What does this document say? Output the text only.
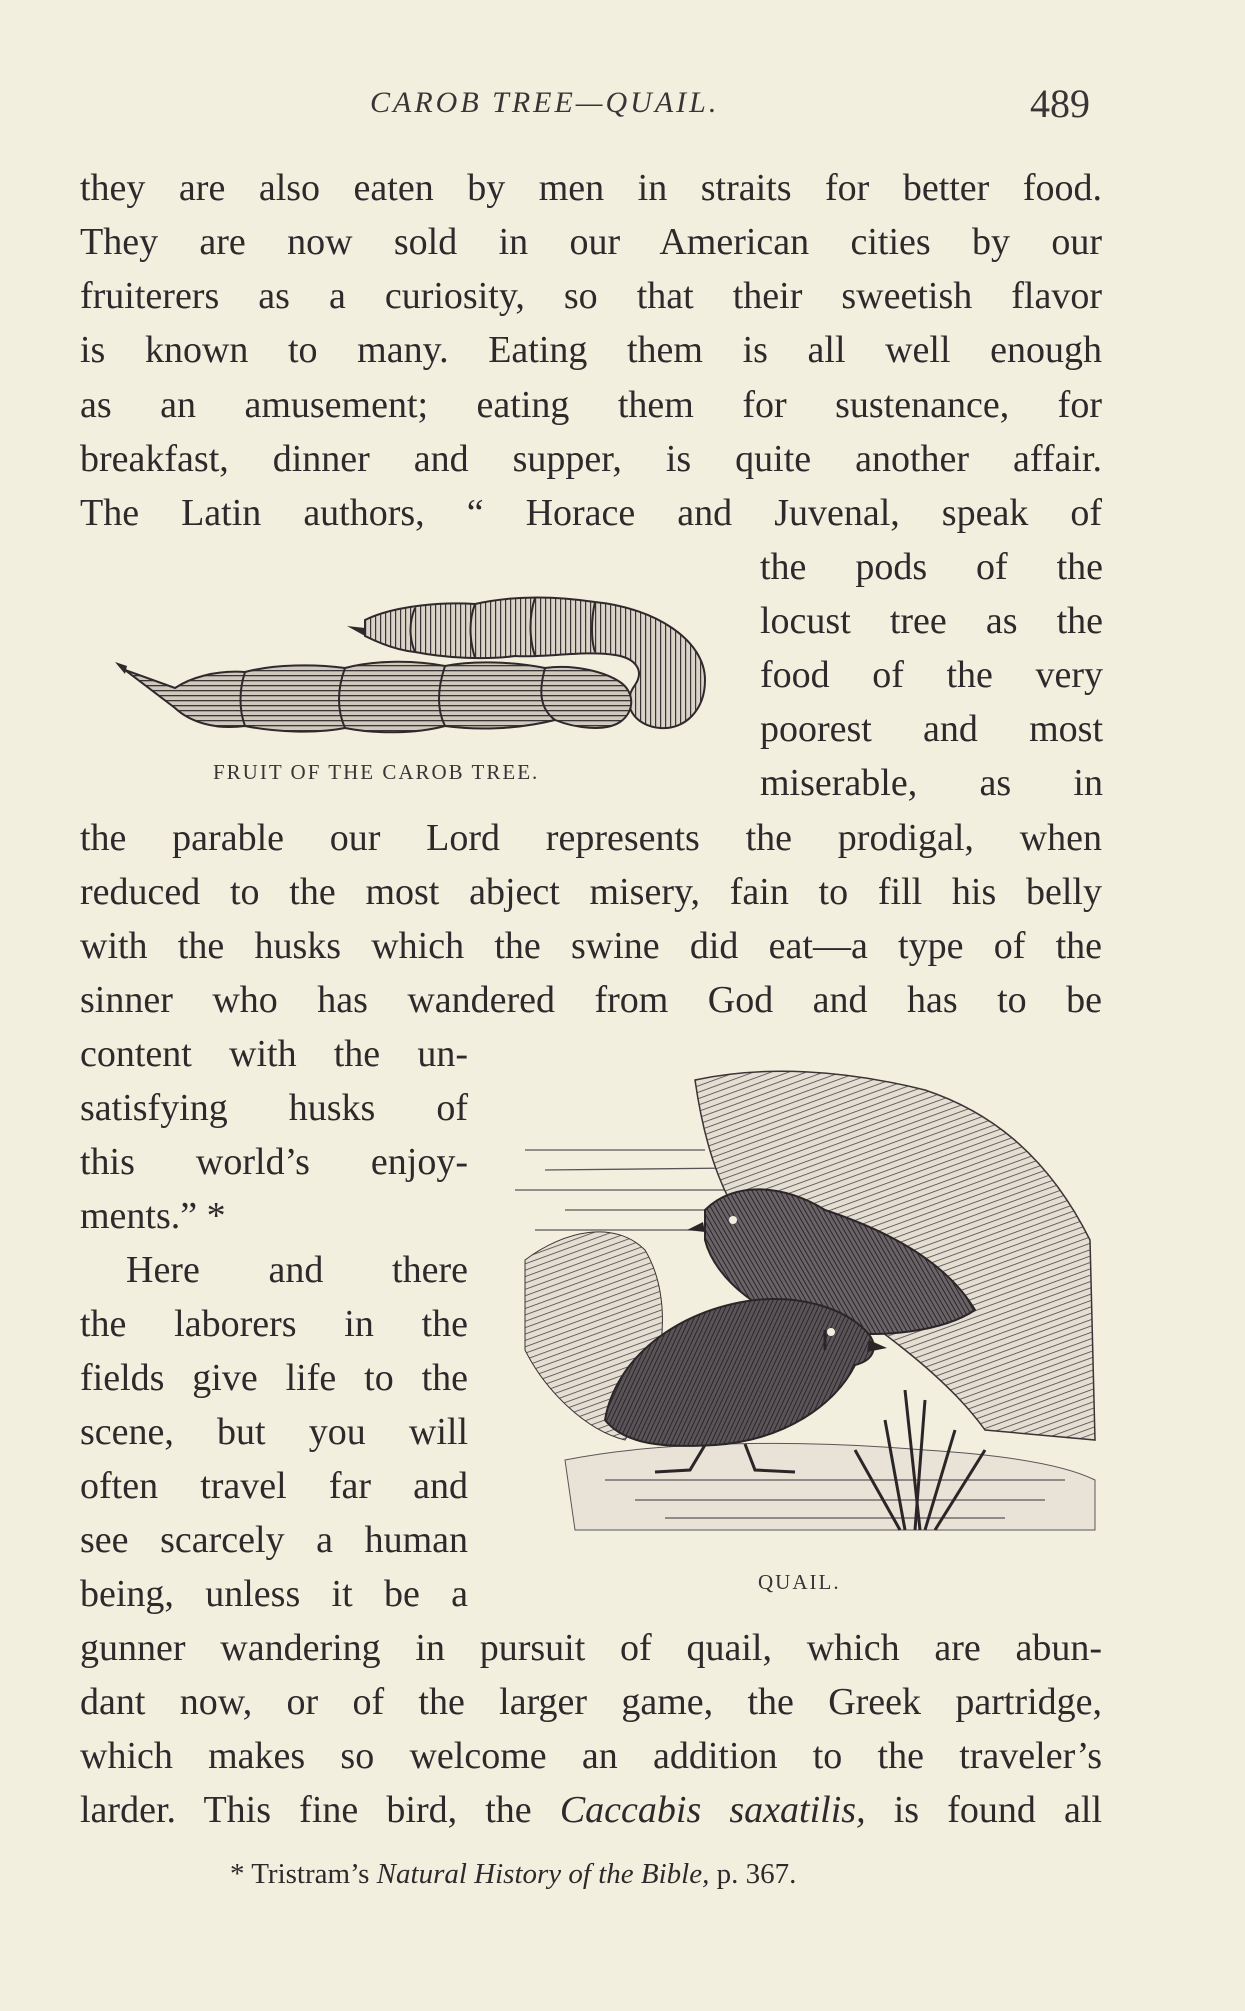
CAROB TREE—QUAIL.	489
they are also eaten by men in straits for better food.
They are now sold in our American cities by our
fruiterers as a curiosity, so that their sweetish flavor
is known to many. Eating them is all well enough
as an amusement; eating them for sustenance, for
breakfast, dinner and supper, is quite another affair.
The Latin authors, “ Horace and Juvenal, speak of
the pods of the
locust tree as the
food of the very
poorest and most
miserable, as in
FRUIT OF THE CAROB TREE.
the parable our Lord represents the prodigal, when
reduced to the most abject misery, fain to fill his belly
with the husks which the swine did eat—a type of the
sinner who has wandered from God and has to be
content with the un-
satisfying husks of
this world’s enjoy-
ments.” *
Here and there
the laborers in the
fields give life to the
scene, but you will
often travel far and
see scarcely a human
being, unless it be a	QUAIL.
gunner wandering in pursuit of quail, which are abun-
dant now, or of the larger game, the Greek partridge,
which makes so welcome an addition to the traveler’s
larder. This fine bird, the Caccabis saxatilis, is found all
* Tristram’s Natural History of the Bible, p. 367.
